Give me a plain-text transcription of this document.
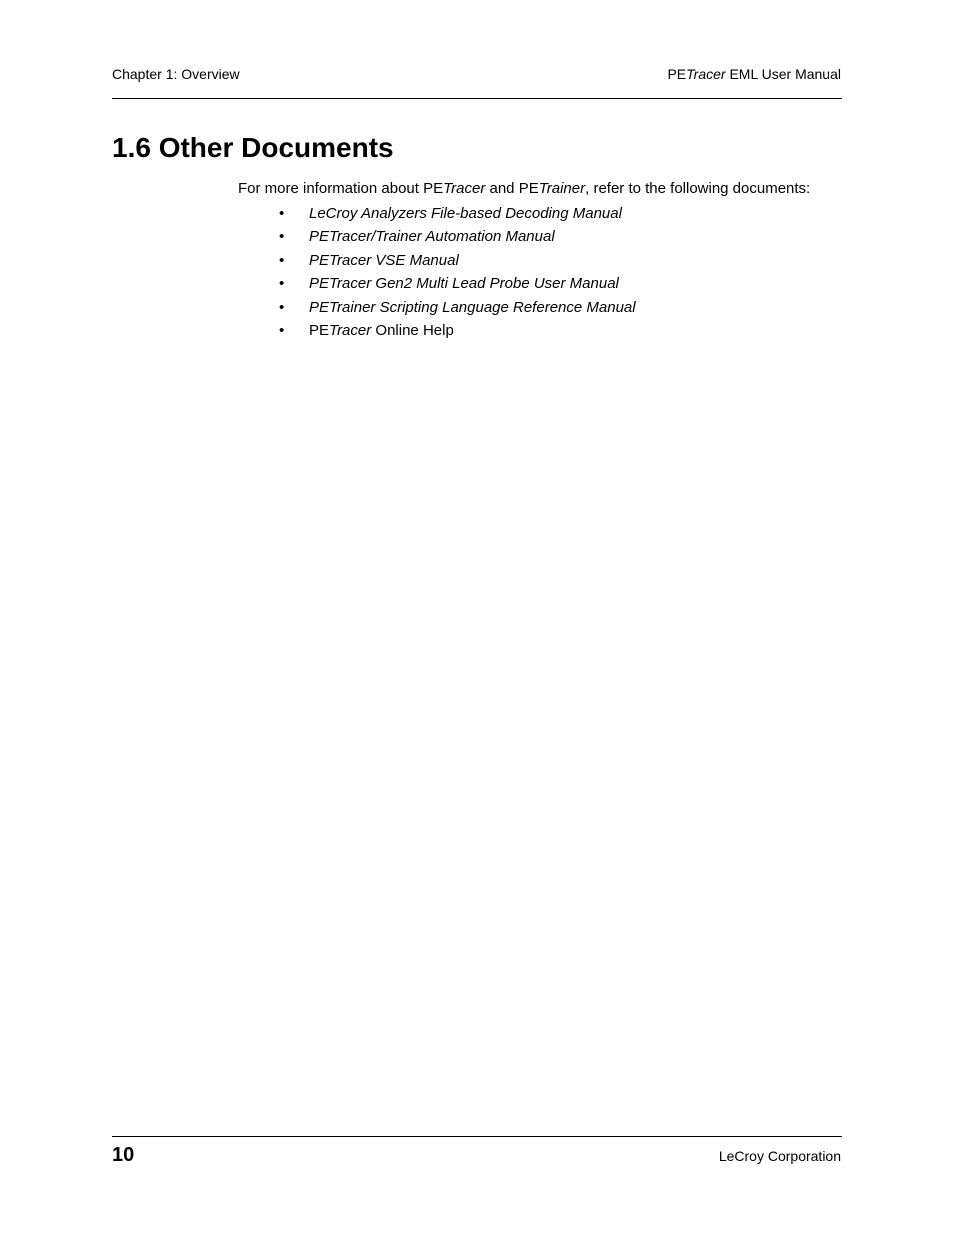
Chapter 1: Overview	PETracer EML User Manual
1.6 Other Documents
For more information about PETracer and PETrainer, refer to the following documents:
• LeCroy Analyzers File-based Decoding Manual
• PETracer/Trainer Automation Manual
• PETracer VSE Manual
• PETracer Gen2 Multi Lead Probe User Manual
• PETrainer Scripting Language Reference Manual
• PETracer Online Help
10	LeCroy Corporation
